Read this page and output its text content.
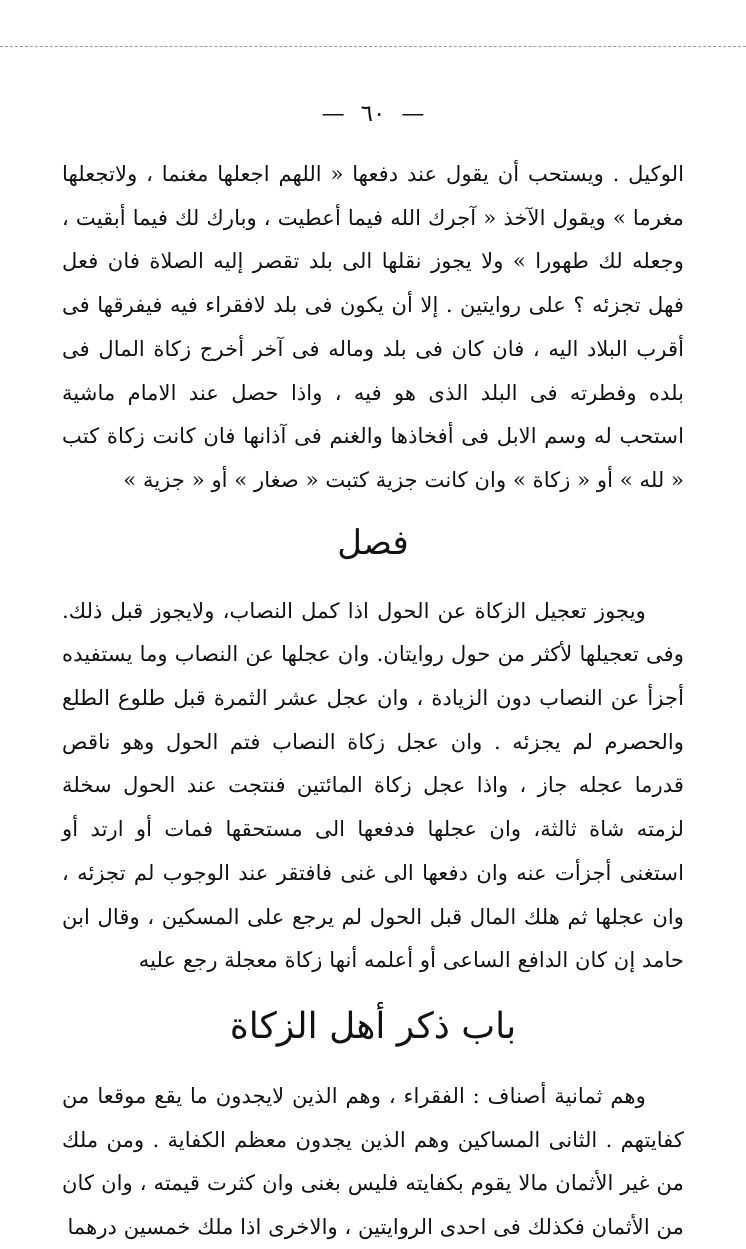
—٦٠—

الوكيل . ويستحب أن يقول عند دفعها « اللهم اجعلها مغنما ، ولاتجعلها مغرما » ويقول الآخذ « آجرك الله فيما أعطيت ، وبارك لك فيما أبقيت ، وجعله لك طهورا » ولا يجوز نقلها الى بلد تقصر إليه الصلاة فان فعل فهل تجزئه ؟ على روايتين . إلا أن يكون فى بلد لافقراء فيه فيفرقها فى أقرب البلاد اليه ، فان كان فى بلد وماله فى آخر أخرج زكاة المال فى بلده وفطرته فى البلد الذى هو فيه ، واذا حصل عند الامام ماشية استحب له وسم الابل فى أفخاذها والغنم فى آذانها فان كانت زكاة كتب « لله » أو « زكاة » وان كانت جزية كتبت « صغار » أو « جزية »

فصل

ويجوز تعجيل الزكاة عن الحول اذا كمل النصاب، ولايجوز قبل ذلك. وفى تعجيلها لأكثر من حول روايتان. وان عجلها عن النصاب وما يستفيده أجزأ عن النصاب دون الزيادة ، وان عجل عشر الثمرة قبل طلوع الطلع والحصرم لم يجزئه . وان عجل زكاة النصاب فتم الحول وهو ناقص قدرما عجله جاز ، واذا عجل زكاة المائتين فنتجت عند الحول سخلة لزمته شاة ثالثة، وان عجلها فدفعها الى مستحقها فمات أو ارتد أو استغنى أجزأت عنه وان دفعها الى غنى فافتقر عند الوجوب لم تجزئه ، وان عجلها ثم هلك المال قبل الحول لم يرجع على المسكين ، وقال ابن حامد إن كان الدافع الساعى أو أعلمه أنها زكاة معجلة رجع عليه

باب ذكر أهل الزكاة

وهم ثمانية أصناف : الفقراء ، وهم الذين لايجدون ما يقع موقعا من كفايتهم . الثانى المساكين وهم الذين يجدون معظم الكفاية . ومن ملك من غير الأثمان مالا يقوم بكفايته فليس بغنى وان كثرت قيمته ، وان كان من الأثمان فكذلك فى احدى الروايتين ، والاخرى اذا ملك خمسين درهما
